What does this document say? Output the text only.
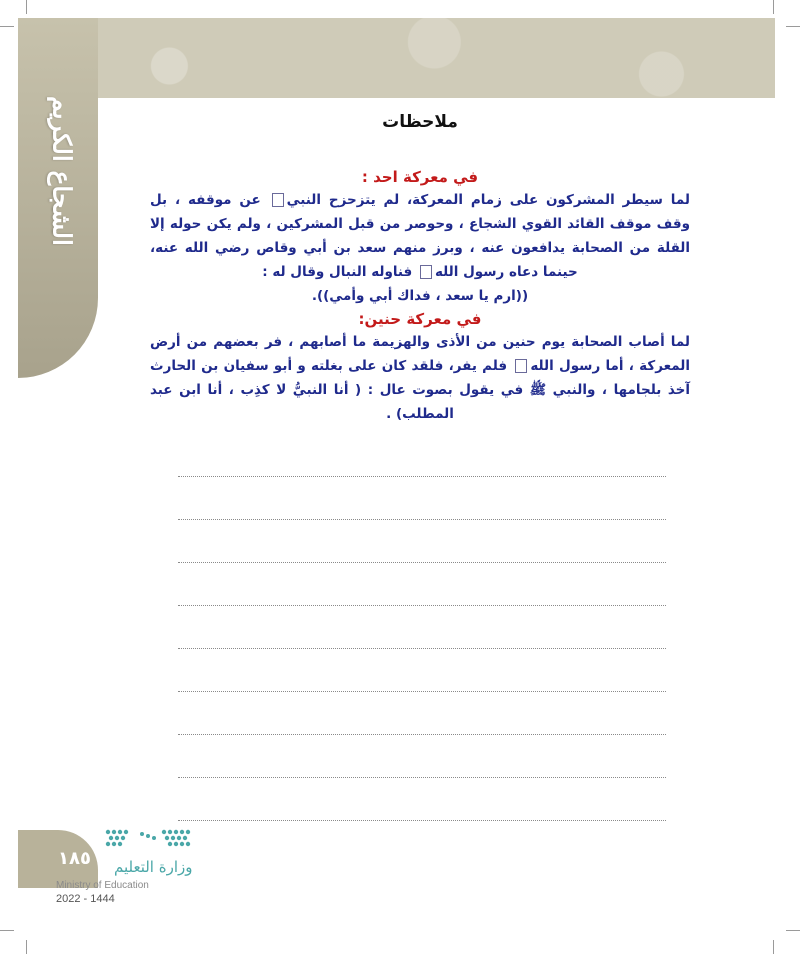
الشجاع الكريم	ملاحظات
في معركة احد :

لما سيطر المشركون على زمام المعركة، لم يتزحزح النبي عن موقفه ، بل وقف موقف القائد القوي الشجاع ، وحوصر من قبل المشركين ، ولم يكن حوله إلا القلة من الصحابة يدافعون عنه ، وبرز منهم سعد بن أبي وقاص رضي الله عنه، حينما دعاه رسول الله فناوله النبال وقال له :
((ارم يا سعد ، فداك أبي وأمي)).

في معركة حنين:

لما أصاب الصحابة يوم حنين من الأذى والهزيمة ما أصابهم ، فر بعضهم من أرض المعركة ، أما رسول الله فلم يفر، فلقد كان على بغلته و أبو سفيان بن الحارث آخذ بلجامها ، والنبي ﷺ في يقول بصوت عال : ( أنا النبيُّ لا كذِب ، أنا ابن عبد المطلب) .

١٨٥ وزارة التعليم
Ministry of Education
2022 - 1444
